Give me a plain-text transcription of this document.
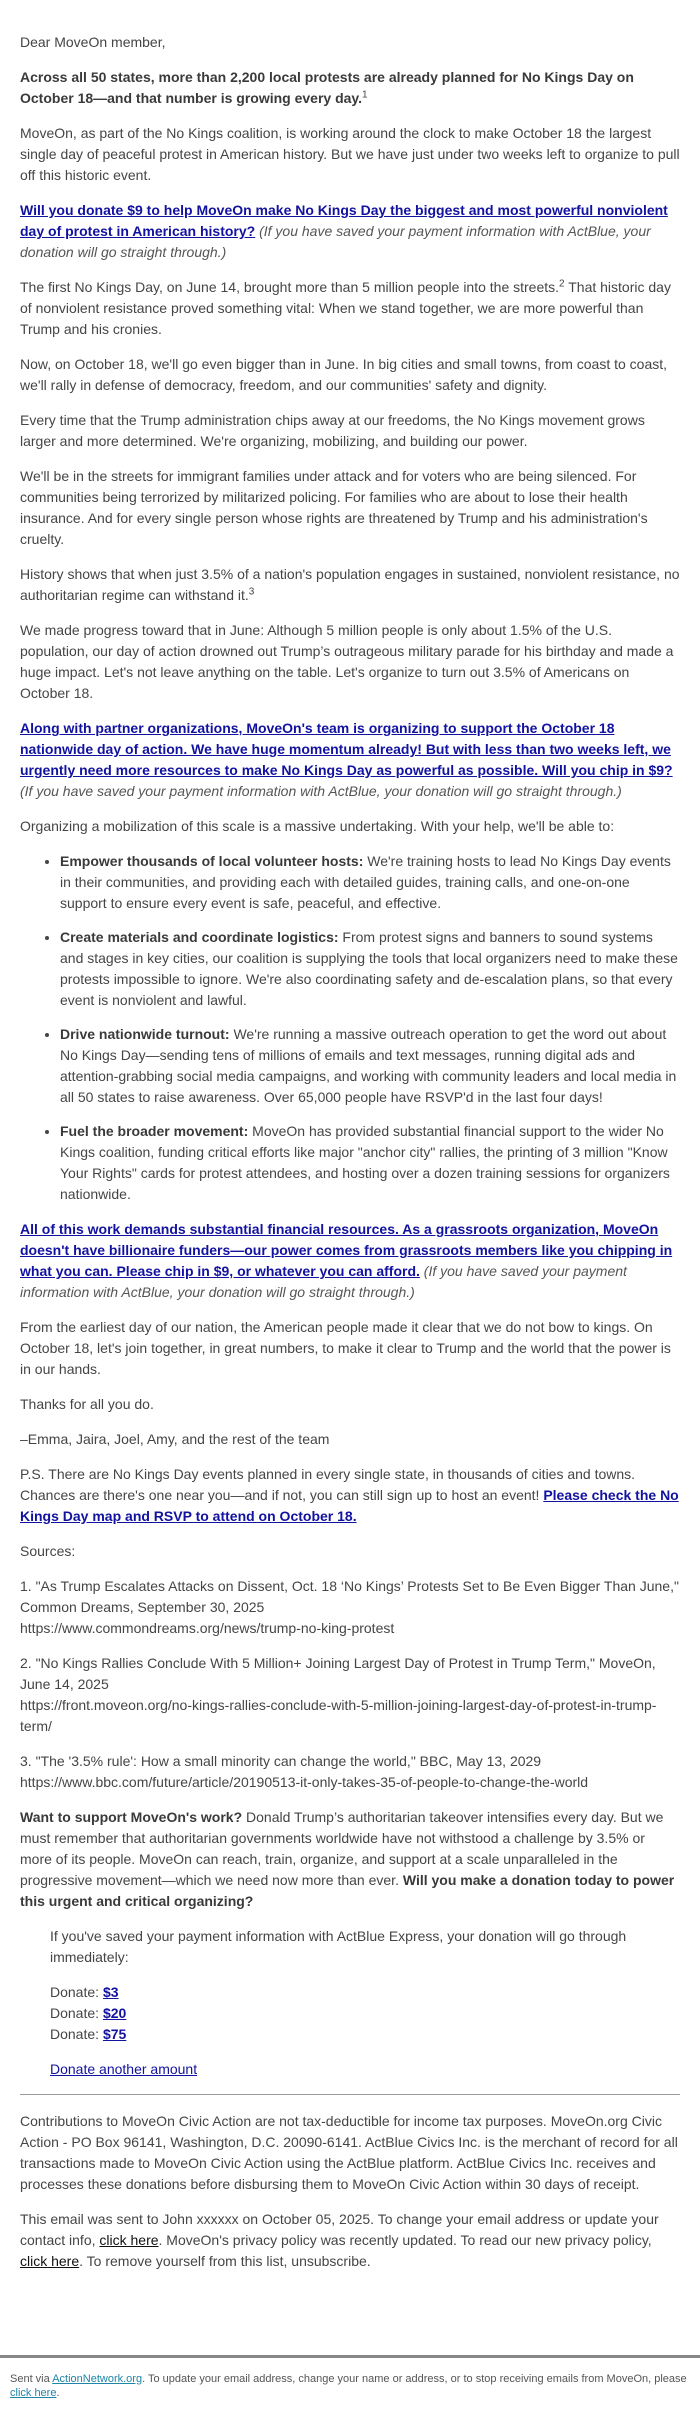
Dear MoveOn member,

Across all 50 states, more than 2,200 local protests are already planned for No Kings Day on October 18—and that number is growing every day.$^1$

MoveOn, as part of the No Kings coalition, is working around the clock to make October 18 the largest single day of peaceful protest in American history. But we have just under two weeks left to organize to pull off this historic event.

Will you donate $9 to help MoveOn make No Kings Day the biggest and most powerful nonviolent day of protest in American history? (If you have saved your payment information with ActBlue, your donation will go straight through.)

The first No Kings Day, on June 14, brought more than 5 million people into the streets.$^2$ That historic day of nonviolent resistance proved something vital: When we stand together, we are more powerful than Trump and his cronies.

Now, on October 18, we'll go even bigger than in June. In big cities and small towns, from coast to coast, we'll rally in defense of democracy, freedom, and our communities' safety and dignity.

Every time that the Trump administration chips away at our freedoms, the No Kings movement grows larger and more determined. We're organizing, mobilizing, and building our power.

We'll be in the streets for immigrant families under attack and for voters who are being silenced. For communities being terrorized by militarized policing. For families who are about to lose their health insurance. And for every single person whose rights are threatened by Trump and his administration's cruelty.

History shows that when just 3.5% of a nation's population engages in sustained, nonviolent resistance, no authoritarian regime can withstand it.$^3$

We made progress toward that in June: Although 5 million people is only about 1.5% of the U.S. population, our day of action drowned out Trump’s outrageous military parade for his birthday and made a huge impact. Let's not leave anything on the table. Let's organize to turn out 3.5% of Americans on October 18.

Along with partner organizations, MoveOn's team is organizing to support the October 18 nationwide day of action. We have huge momentum already! But with less than two weeks left, we urgently need more resources to make No Kings Day as powerful as possible. Will you chip in $9?
(If you have saved your payment information with ActBlue, your donation will go straight through.)

Organizing a mobilization of this scale is a massive undertaking. With your help, we'll be able to:

• Empower thousands of local volunteer hosts: We're training hosts to lead No Kings Day events in their communities, and providing each with detailed guides, training calls, and one-on-one support to ensure every event is safe, peaceful, and effective.
• Create materials and coordinate logistics: From protest signs and banners to sound systems and stages in key cities, our coalition is supplying the tools that local organizers need to make these protests impossible to ignore. We're also coordinating safety and de-escalation plans, so that every event is nonviolent and lawful.
• Drive nationwide turnout: We're running a massive outreach operation to get the word out about No Kings Day—sending tens of millions of emails and text messages, running digital ads and attention-grabbing social media campaigns, and working with community leaders and local media in all 50 states to raise awareness. Over 65,000 people have RSVP'd in the last four days!
• Fuel the broader movement: MoveOn has provided substantial financial support to the wider No Kings coalition, funding critical efforts like major "anchor city" rallies, the printing of 3 million "Know Your Rights" cards for protest attendees, and hosting over a dozen training sessions for organizers nationwide.

All of this work demands substantial financial resources. As a grassroots organization, MoveOn doesn't have billionaire funders—our power comes from grassroots members like you chipping in what you can. Please chip in $9, or whatever you can afford. (If you have saved your payment information with ActBlue, your donation will go straight through.)

From the earliest day of our nation, the American people made it clear that we do not bow to kings. On October 18, let's join together, in great numbers, to make it clear to Trump and the world that the power is in our hands.

Thanks for all you do.

–Emma, Jaira, Joel, Amy, and the rest of the team

P.S. There are No Kings Day events planned in every single state, in thousands of cities and towns. Chances are there's one near you—and if not, you can still sign up to host an event! Please check the No Kings Day map and RSVP to attend on October 18.

Sources:

1. "As Trump Escalates Attacks on Dissent, Oct. 18 ‘No Kings’ Protests Set to Be Even Bigger Than June," Common Dreams, September 30, 2025
https://www.commondreams.org/news/trump-no-king-protest

2. "No Kings Rallies Conclude With 5 Million+ Joining Largest Day of Protest in Trump Term," MoveOn, June 14, 2025
https://front.moveon.org/no-kings-rallies-conclude-with-5-million-joining-largest-day-of-protest-in-trump-term/

3. "The '3.5% rule': How a small minority can change the world," BBC, May 13, 2029
https://www.bbc.com/future/article/20190513-it-only-takes-35-of-people-to-change-the-world

Want to support MoveOn's work? Donald Trump’s authoritarian takeover intensifies every day. But we must remember that authoritarian governments worldwide have not withstood a challenge by 3.5% or more of its people. MoveOn can reach, train, organize, and support at a scale unparalleled in the progressive movement—which we need now more than ever. Will you make a donation today to power this urgent and critical organizing?

If you've saved your payment information with ActBlue Express, your donation will go through immediately:

Donate: $3
Donate: $20
Donate: $75

Donate another amount

Contributions to MoveOn Civic Action are not tax-deductible for income tax purposes. MoveOn.org Civic Action - PO Box 96141, Washington, D.C. 20090-6141. ActBlue Civics Inc. is the merchant of record for all transactions made to MoveOn Civic Action using the ActBlue platform. ActBlue Civics Inc. receives and processes these donations before disbursing them to MoveOn Civic Action within 30 days of receipt.

This email was sent to John xxxxxx on October 05, 2025. To change your email address or update your contact info, click here. MoveOn's privacy policy was recently updated. To read our new privacy policy, click here. To remove yourself from this list, unsubscribe.

Sent via ActionNetwork.org. To update your email address, change your name or address, or to stop receiving emails from MoveOn, please click here.
